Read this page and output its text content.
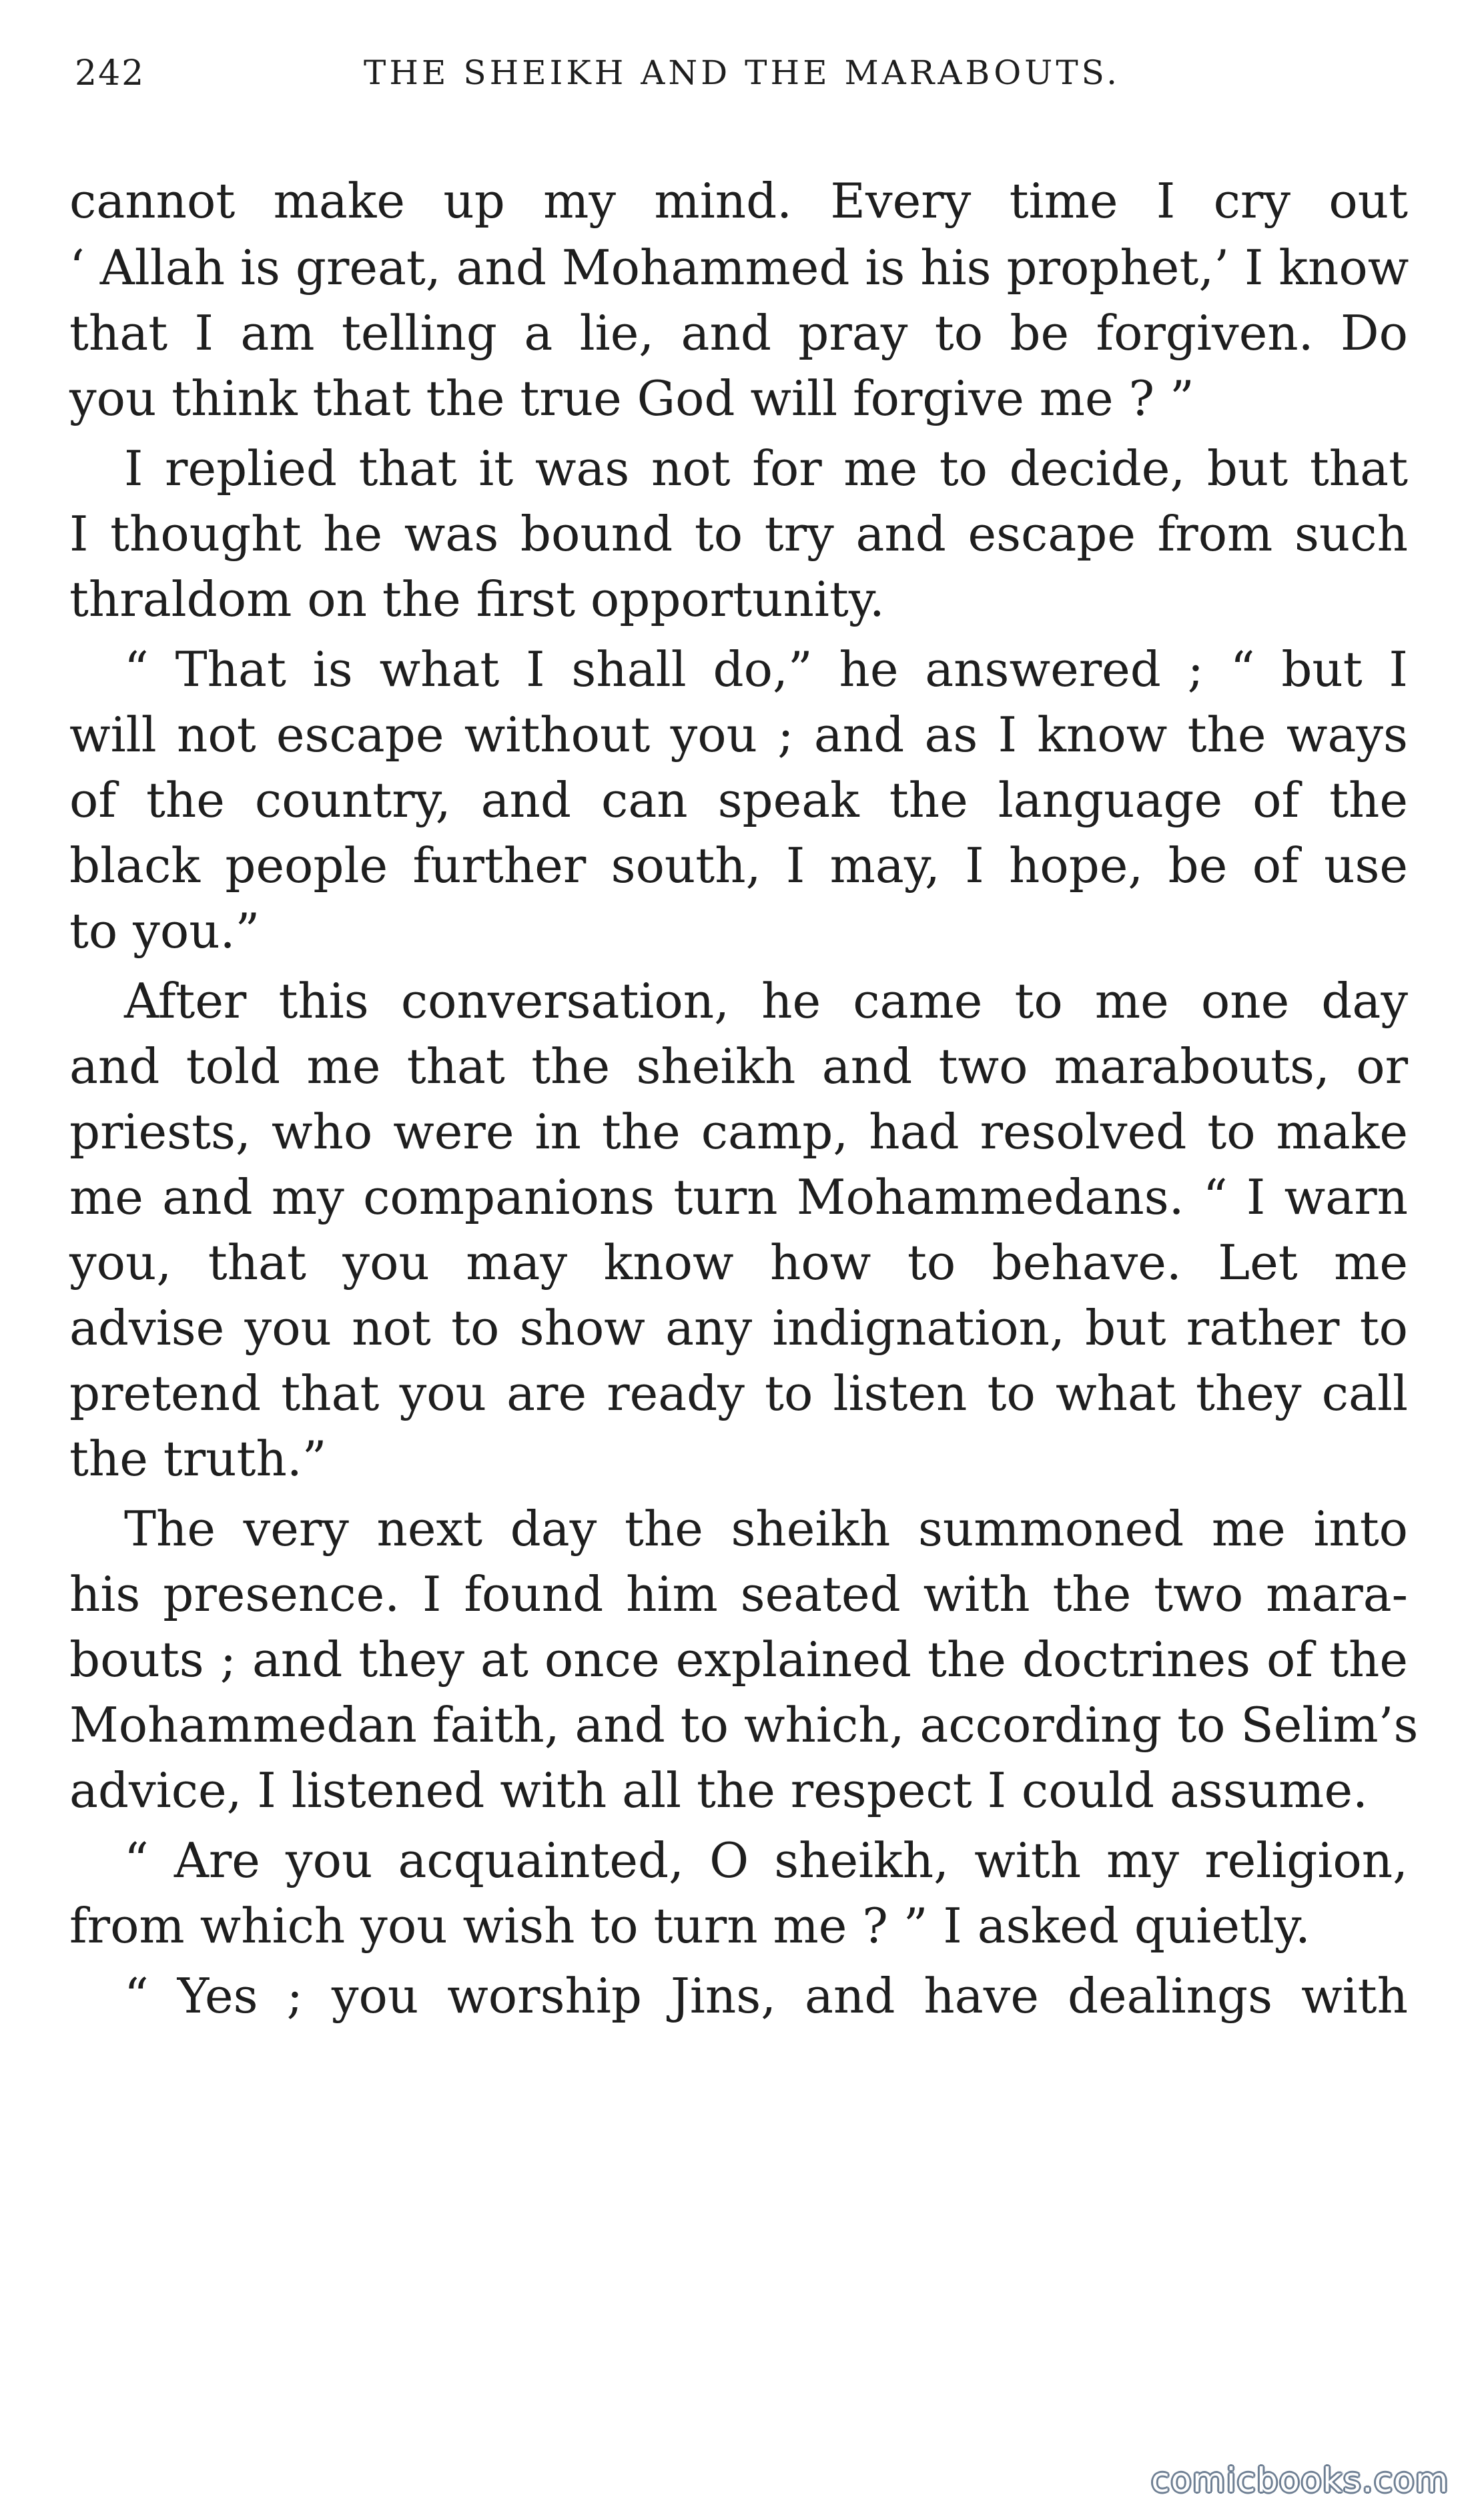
242	THE SHEIKH AND THE MARABOUTS.
cannot make up my mind. Every time I cry out
‘ Allah is great, and Mohammed is his prophet,’ I know
that I am telling a lie, and pray to be forgiven. Do
you think that the true God will forgive me ? ”
I replied that it was not for me to decide, but that
I thought he was bound to try and escape from such
thraldom on the first opportunity.
“ That is what I shall do,” he answered ; “ but I
will not escape without you ; and as I know the ways
of the country, and can speak the language of the
black people further south, I may, I hope, be of use
to you.”
After this conversation, he came to me one day
and told me that the sheikh and two marabouts, or
priests, who were in the camp, had resolved to make
me and my companions turn Mohammedans. “ I warn
you, that you may know how to behave. Let me
advise you not to show any indignation, but rather to
pretend that you are ready to listen to what they call
the truth.”
The very next day the sheikh summoned me into
his presence. I found him seated with the two mara-
bouts ; and they at once explained the doctrines of the
Mohammedan faith, and to which, according to Selim’s
advice, I listened with all the respect I could assume.
“ Are you acquainted, O sheikh, with my religion,
from which you wish to turn me ? ” I asked quietly.
“ Yes ; you worship Jins, and have dealings with
comicbooks.com
